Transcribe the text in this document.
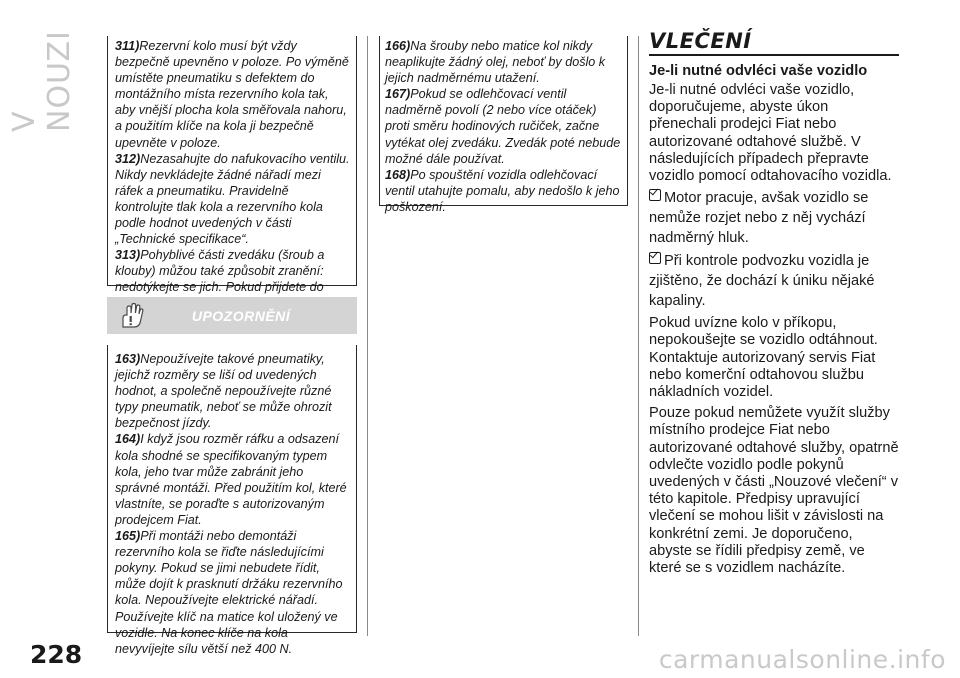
V NOUZI	311)Rezervní kolo musí být vždy bezpečně upevněno v poloze. Po výměně umístěte pneumatiku s defektem do montážního místa rezervního kola tak, aby vnější plocha kola směřovala nahoru, a použitím klíče na kola ji bezpečně upevněte v poloze.

312)Nezasahujte do nafukovacího ventilu. Nikdy nevkládejte žádné nářadí mezi ráfek a pneumatiku. Pravidelně kontrolujte tlak kola a rezervního kola podle hodnot uvedených v části „Technické specifikace“.

313)Pohyblivé části zvedáku (šroub a klouby) můžou také způsobit zranění: nedotýkejte se jich. Pokud přijdete do

UPOZORNĚNÍ

163)Nepoužívejte takové pneumatiky, jejichž rozměry se liší od uvedených hodnot, a společně nepoužívejte různé typy pneumatik, neboť se může ohrozit bezpečnost jízdy.

164)I když jsou rozměr ráfku a odsazení kola shodné se specifikovaným typem kola, jeho tvar může zabránit jeho správné montáži. Před použitím kol, které vlastníte, se poraďte s autorizovaným prodejcem Fiat.

165)Při montáži nebo demontáži rezervního kola se řiďte následujícími pokyny. Pokud se jimi nebudete řídit, může dojít k prasknutí držáku rezervního kola. Nepoužívejte elektrické nářadí. Používejte klíč na matice kol uložený ve vozidle. Na konec klíče na kola nevyvíjejte sílu větší než 400 N.

166)Na šrouby nebo matice kol nikdy neaplikujte žádný olej, neboť by došlo k jejich nadměrnému utažení.

167)Pokud se odlehčovací ventil nadměrně povolí (2 nebo více otáček) proti směru hodinových ručiček, začne vytékat olej zvedáku. Zvedák poté nebude možné dále používat.

168)Po spouštění vozidla odlehčovací ventil utahujte pomalu, aby nedošlo k jeho poškození.

VLEČENÍ
Je-li nutné odvléci vaše vozidlo

Je-li nutné odvléci vaše vozidlo, doporučujeme, abyste úkon přenechali prodejci Fiat nebo autorizované odtahové službě. V následujících případech přepravte vozidlo pomocí odtahovacího vozidla.

Motor pracuje, avšak vozidlo se nemůže rozjet nebo z něj vychází nadměrný hluk.

Při kontrole podvozku vozidla je zjištěno, že dochází k úniku nějaké kapaliny.

Pokud uvízne kolo v příkopu, nepokoušejte se vozidlo odtáhnout. Kontaktuje autorizovaný servis Fiat nebo komerční odtahovou službu nákladních vozidel.

Pouze pokud nemůžete využít služby místního prodejce Fiat nebo autorizované odtahové služby, opatrně odvlečte vozidlo podle pokynů uvedených v části „Nouzové vlečení“ v této kapitole. Předpisy upravující vlečení se mohou lišit v závislosti na konkrétní zemi. Je doporučeno, abyste se řídili předpisy země, ve které se s vozidlem nacházíte.

228	carmanualsonline.info
